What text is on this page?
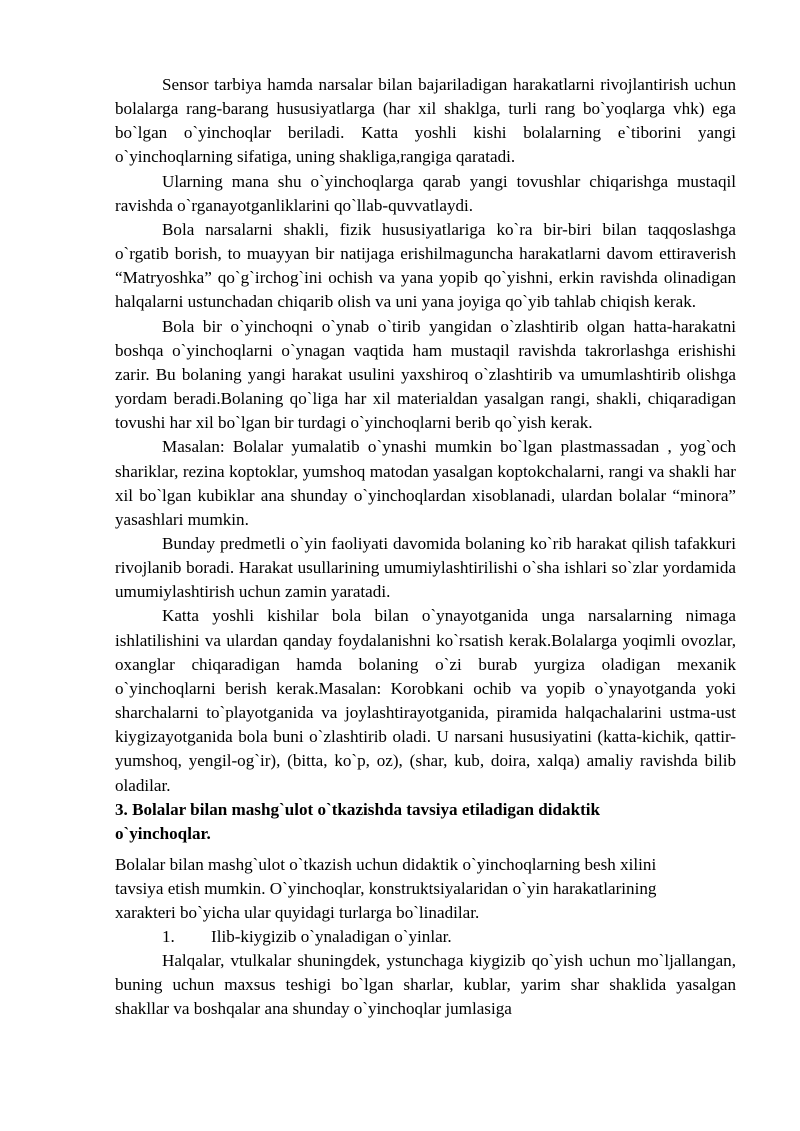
Sensor tarbiya hamda narsalar bilan bajariladigan harakatlarni rivojlantirish uchun bolalarga rang-barang hususiyatlarga (har xil shaklga, turli rang bo`yoqlarga vhk) ega bo`lgan o`yinchoqlar beriladi. Katta yoshli kishi bolalarning e`tiborini yangi o`yinchoqlarning sifatiga, uning shakliga,rangiga qaratadi.

Ularning mana shu o`yinchoqlarga qarab yangi tovushlar chiqarishga mustaqil ravishda o`rganayotganliklarini qo`llab-quvvatlaydi.

Bola narsalarni shakli, fizik hususiyatlariga ko`ra bir-biri bilan taqqoslashga o`rgatib borish, to muayyan bir natijaga erishilmaguncha harakatlarni davom ettiraverish “Matryoshka” qo`g`irchog`ini ochish va yana yopib qo`yishni, erkin ravishda olinadigan halqalarni ustunchadan chiqarib olish va uni yana joyiga qo`yib tahlab chiqish kerak.

Bola bir o`yinchoqni o`ynab o`tirib yangidan o`zlashtirib olgan hatta-harakatni boshqa o`yinchoqlarni o`ynagan vaqtida ham mustaqil ravishda takrorlashga erishishi zarir. Bu bolaning yangi harakat usulini yaxshiroq o`zlashtirib va umumlashtirib olishga yordam beradi.Bolaning qo`liga har xil materialdan yasalgan rangi, shakli, chiqaradigan tovushi har xil bo`lgan bir turdagi o`yinchoqlarni berib qo`yish kerak.

Masalan: Bolalar yumalatib o`ynashi mumkin bo`lgan plastmassadan , yog`och shariklar, rezina koptoklar, yumshoq matodan yasalgan koptokchalarni, rangi va shakli har xil bo`lgan kubiklar ana shunday o`yinchoqlardan xisoblanadi, ulardan bolalar “minora” yasashlari mumkin.

Bunday predmetli o`yin faoliyati davomida bolaning ko`rib harakat qilish tafakkuri rivojlanib boradi. Harakat usullarining umumiylashtirilishi o`sha ishlari so`zlar yordamida umumiylashtirish uchun zamin yaratadi.

Katta yoshli kishilar bola bilan o`ynayotganida unga narsalarning nimaga ishlatilishini va ulardan qanday foydalanishni ko`rsatish kerak.Bolalarga yoqimli ovozlar, oxanglar chiqaradigan hamda bolaning o`zi burab yurgiza oladigan mexanik o`yinchoqlarni berish kerak.Masalan: Korobkani ochib va yopib o`ynayotganda yoki sharchalarni to`playotganida va joylashtirayotganida, piramida halqachalarini ustma-ust kiygizayotganida bola buni o`zlashtirib oladi. U narsani hususiyatini (katta-kichik, qattir-yumshoq, yengil-og`ir), (bitta, ko`p, oz), (shar, kub, doira, xalqa) amaliy ravishda bilib oladilar.

3. Bolalar bilan mashg`ulot o`tkazishda tavsiya etiladigan didaktik o`yinchoqlar.

Bolalar bilan mashg`ulot o`tkazish uchun didaktik o`yinchoqlarning besh xilini tavsiya etish mumkin. O`yinchoqlar, konstruktsiyalaridan o`yin harakatlarining xarakteri bo`yicha ular quyidagi turlarga bo`linadilar.

1. Ilib-kiygizib o`ynaladigan o`yinlar.

Halqalar, vtulkalar shuningdek, ystunchaga kiygizib qo`yish uchun mo`ljallangan, buning uchun maxsus teshigi bo`lgan sharlar, kublar, yarim shar shaklida yasalgan shakllar va boshqalar ana shunday o`yinchoqlar jumlasiga
